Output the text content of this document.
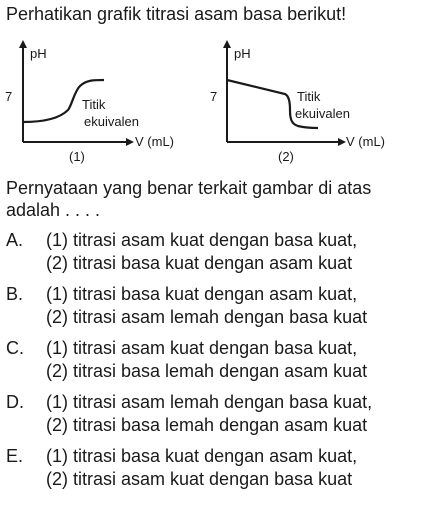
Perhatikan grafik titrasi asam basa berikut!
pH
7
Titik
ekuivalen
V (mL)
(1)
pH
7	Titik
ekuivalen
V (mL)
(2)
Pernyataan yang benar terkait gambar di atas adalah . . . .
A.	(1) titrasi asam kuat dengan basa kuat,
(2) titrasi basa kuat dengan asam kuat
B.	(1) titrasi basa kuat dengan asam kuat,
(2) titrasi asam lemah dengan basa kuat
C.	(1) titrasi asam kuat dengan basa kuat,
(2) titrasi basa lemah dengan asam kuat
D.	(1) titrasi asam lemah dengan basa kuat,
(2) titrasi basa lemah dengan asam kuat
E.	(1) titrasi basa kuat dengan asam kuat,
(2) titrasi asam kuat dengan basa kuat
